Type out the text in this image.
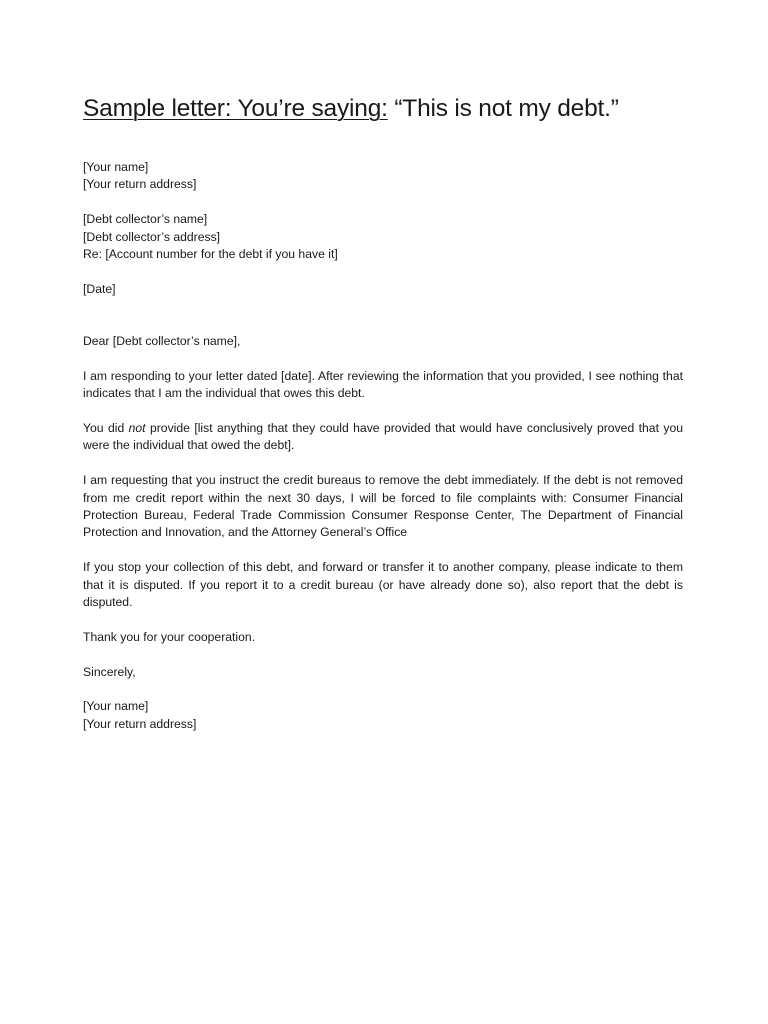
Sample letter: You’re saying: “This is not my debt.”
[Your name]
[Your return address]
[Debt collector’s name]
[Debt collector’s address]
Re: [Account number for the debt if you have it]
[Date]

Dear [Debt collector’s name],

I am responding to your letter dated [date]. After reviewing the information that you provided, I see nothing that indicates that I am the individual that owes this debt.

You did not provide [list anything that they could have provided that would have conclusively proved that you were the individual that owed the debt].

I am requesting that you instruct the credit bureaus to remove the debt immediately. If the debt is not removed from me credit report within the next 30 days, I will be forced to file complaints with: Consumer Financial Protection Bureau, Federal Trade Commission Consumer Response Center, The Department of Financial Protection and Innovation, and the Attorney General’s Office

If you stop your collection of this debt, and forward or transfer it to another company, please indicate to them that it is disputed. If you report it to a credit bureau (or have already done so), also report that the debt is disputed.

Thank you for your cooperation.

Sincerely,

[Your name]
[Your return address]
